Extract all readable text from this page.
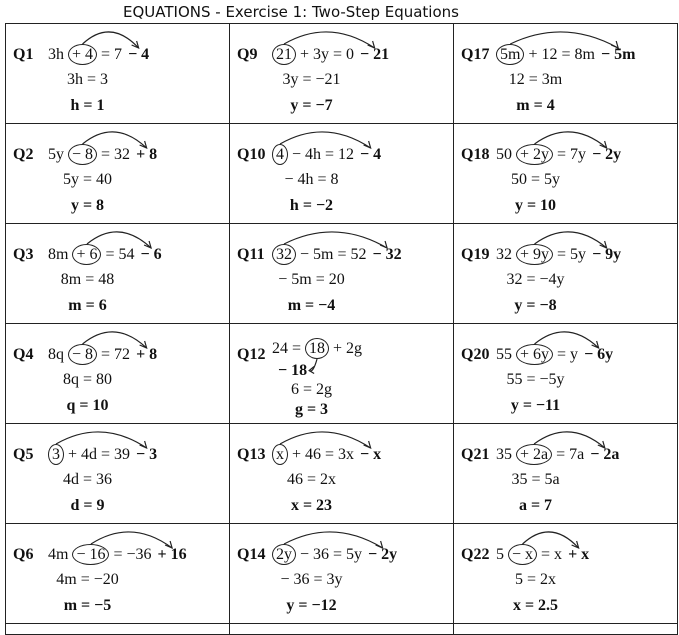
EQUATIONS - Exercise 1: Two-Step Equations
Q1 3h + 4 = 7 − 4
3h = 3
h = 1	Q9 21 + 3y = 0 − 21
3y = −21
y = −7	Q17 5m + 12 = 8m − 5m
12 = 3m
m = 4

Q2 5y − 8 = 32 + 8
5y = 40
y = 8	Q10 4 − 4h = 12 − 4
− 4h = 8
h = −2	Q18 50 + 2y = 7y − 2y
50 = 5y
y = 10

Q3 8m + 6 = 54 − 6
8m = 48
m = 6	Q11 32 − 5m = 52 − 32
− 5m = 20
m = −4	Q19 32 + 9y = 5y − 9y
32 = −4y
y = −8

Q4 8q − 8 = 72 + 8
8q = 80
q = 10	Q12 24 = 18 + 2g
− 18
6 = 2g
g = 3	Q20 55 + 6y = y − 6y
55 = −5y
y = −11

Q5 3 + 4d = 39 − 3
4d = 36
d = 9	Q13 x + 46 = 3x − x
46 = 2x
x = 23	Q21 35 + 2a = 7a − 2a
35 = 5a
a = 7

Q6 4m − 16 = −36 + 16
4m = −20
m = −5	Q14 2y − 36 = 5y − 2y
− 36 = 3y
y = −12	Q22 5 − x = x + x
5 = 2x
x = 2.5
